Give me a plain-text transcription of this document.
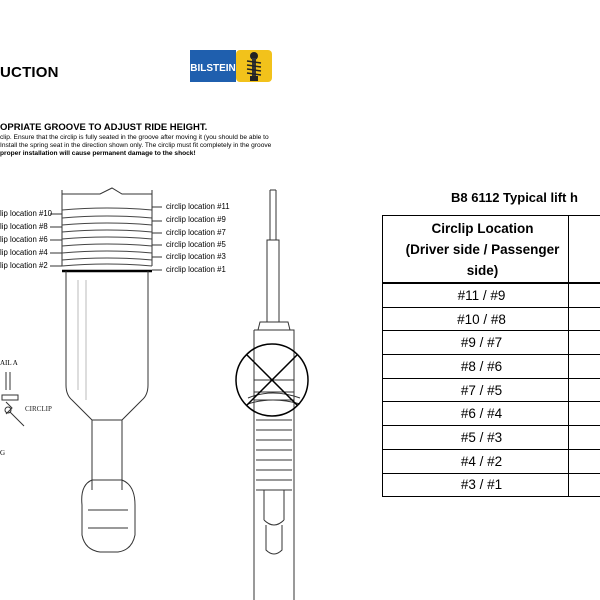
UCTION	BILSTEIN
OPRIATE GROOVE TO ADJUST RIDE HEIGHT.
clip. Ensure that the circlip is fully seated in the groove after moving it (you should be able to
Install the spring seat in the direction shown only. The circlip must fit completely in the groove
proper installation will cause permanent damage to the shock!
CIRCLIP
lip location #10
lip location #8
lip location #6
lip location #4
lip location #2
circlip location #11
circlip location #9
circlip location #7
circlip location #5
circlip location #3
circlip location #1
AIL A
G
B8 6112 Typical lift h
Circlip Location
(Driver side / Passenger side)	

#11 / #9	
#10 / #8	
#9 / #7	
#8 / #6	
#7 / #5	
#6 / #4	
#5 / #3	
#4 / #2	
#3 / #1	
